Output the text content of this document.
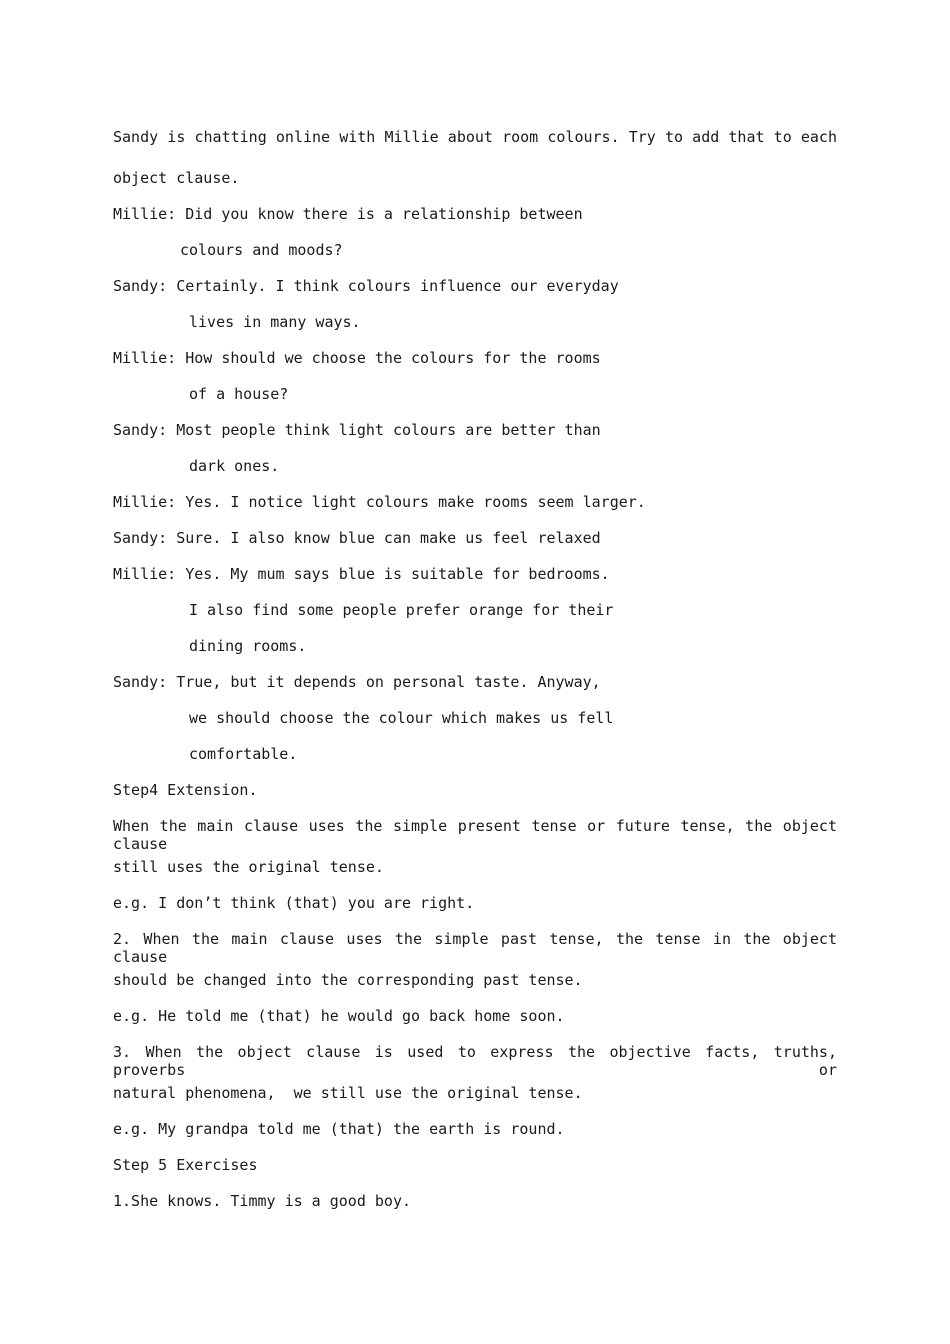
Sandy is chatting online with Millie about room colours. Try to add that to each
object clause.
Millie: Did you know there is a relationship between
colours and moods?
Sandy: Certainly. I think colours influence our everyday
lives in many ways.
Millie: How should we choose the colours for the rooms
of a house?
Sandy: Most people think light colours are better than
dark ones.
Millie: Yes. I notice light colours make rooms seem larger.
Sandy: Sure. I also know blue can make us feel relaxed
Millie: Yes. My mum says blue is suitable for bedrooms.
I also find some people prefer orange for their
dining rooms.
Sandy: True, but it depends on personal taste. Anyway,
we should choose the colour which makes us fell
comfortable.
Step4 Extension.
When the main clause uses the simple present tense or future tense, the object clause
still uses the original tense.
e.g. I don’t think (that) you are right.
2. When the main clause uses the simple past tense, the tense in the object clause
should be changed into the corresponding past tense.
e.g. He told me (that) he would go back home soon.
3. When the object clause is used to express the objective facts, truths, proverbs or
natural phenomena,  we still use the original tense.
e.g. My grandpa told me (that) the earth is round.
Step 5 Exercises
1.She knows. Timmy is a good boy.
